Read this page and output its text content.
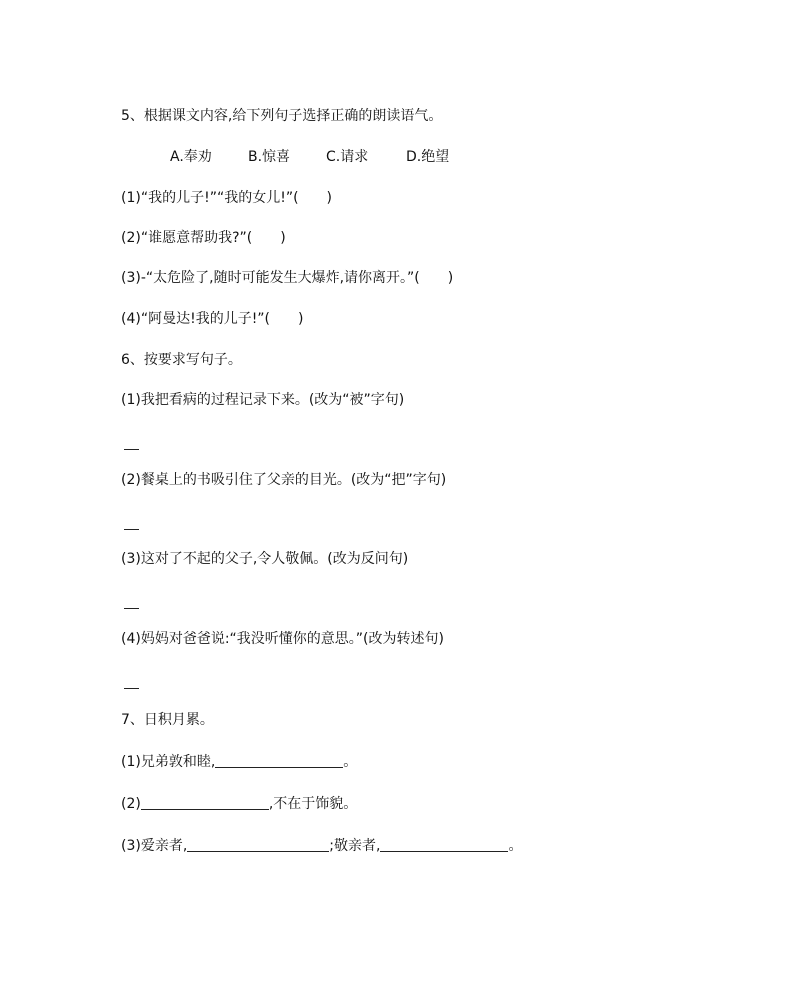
5、根据课文内容,给下列句子选择正确的朗读语气。
A.奉劝	B.惊喜	C.请求	D.绝望
(1)“我的儿子!”“我的女儿!”(　　)
(2)“谁愿意帮助我?”(　　)
(3)-“太危险了,随时可能发生大爆炸,请你离开。”(　　)
(4)“阿曼达!我的儿子!”(　　)
6、按要求写句子。
(1)我把看病的过程记录下来。(改为“被”字句)
(2)餐桌上的书吸引住了父亲的目光。(改为“把”字句)
(3)这对了不起的父子,令人敬佩。(改为反问句)
(4)妈妈对爸爸说:“我没听懂你的意思。”(改为转述句)
7、日积月累。
(1)兄弟敦和睦,	。
(2)	,不在于饰貌。
(3)爱亲者,	;敬亲者,	。
